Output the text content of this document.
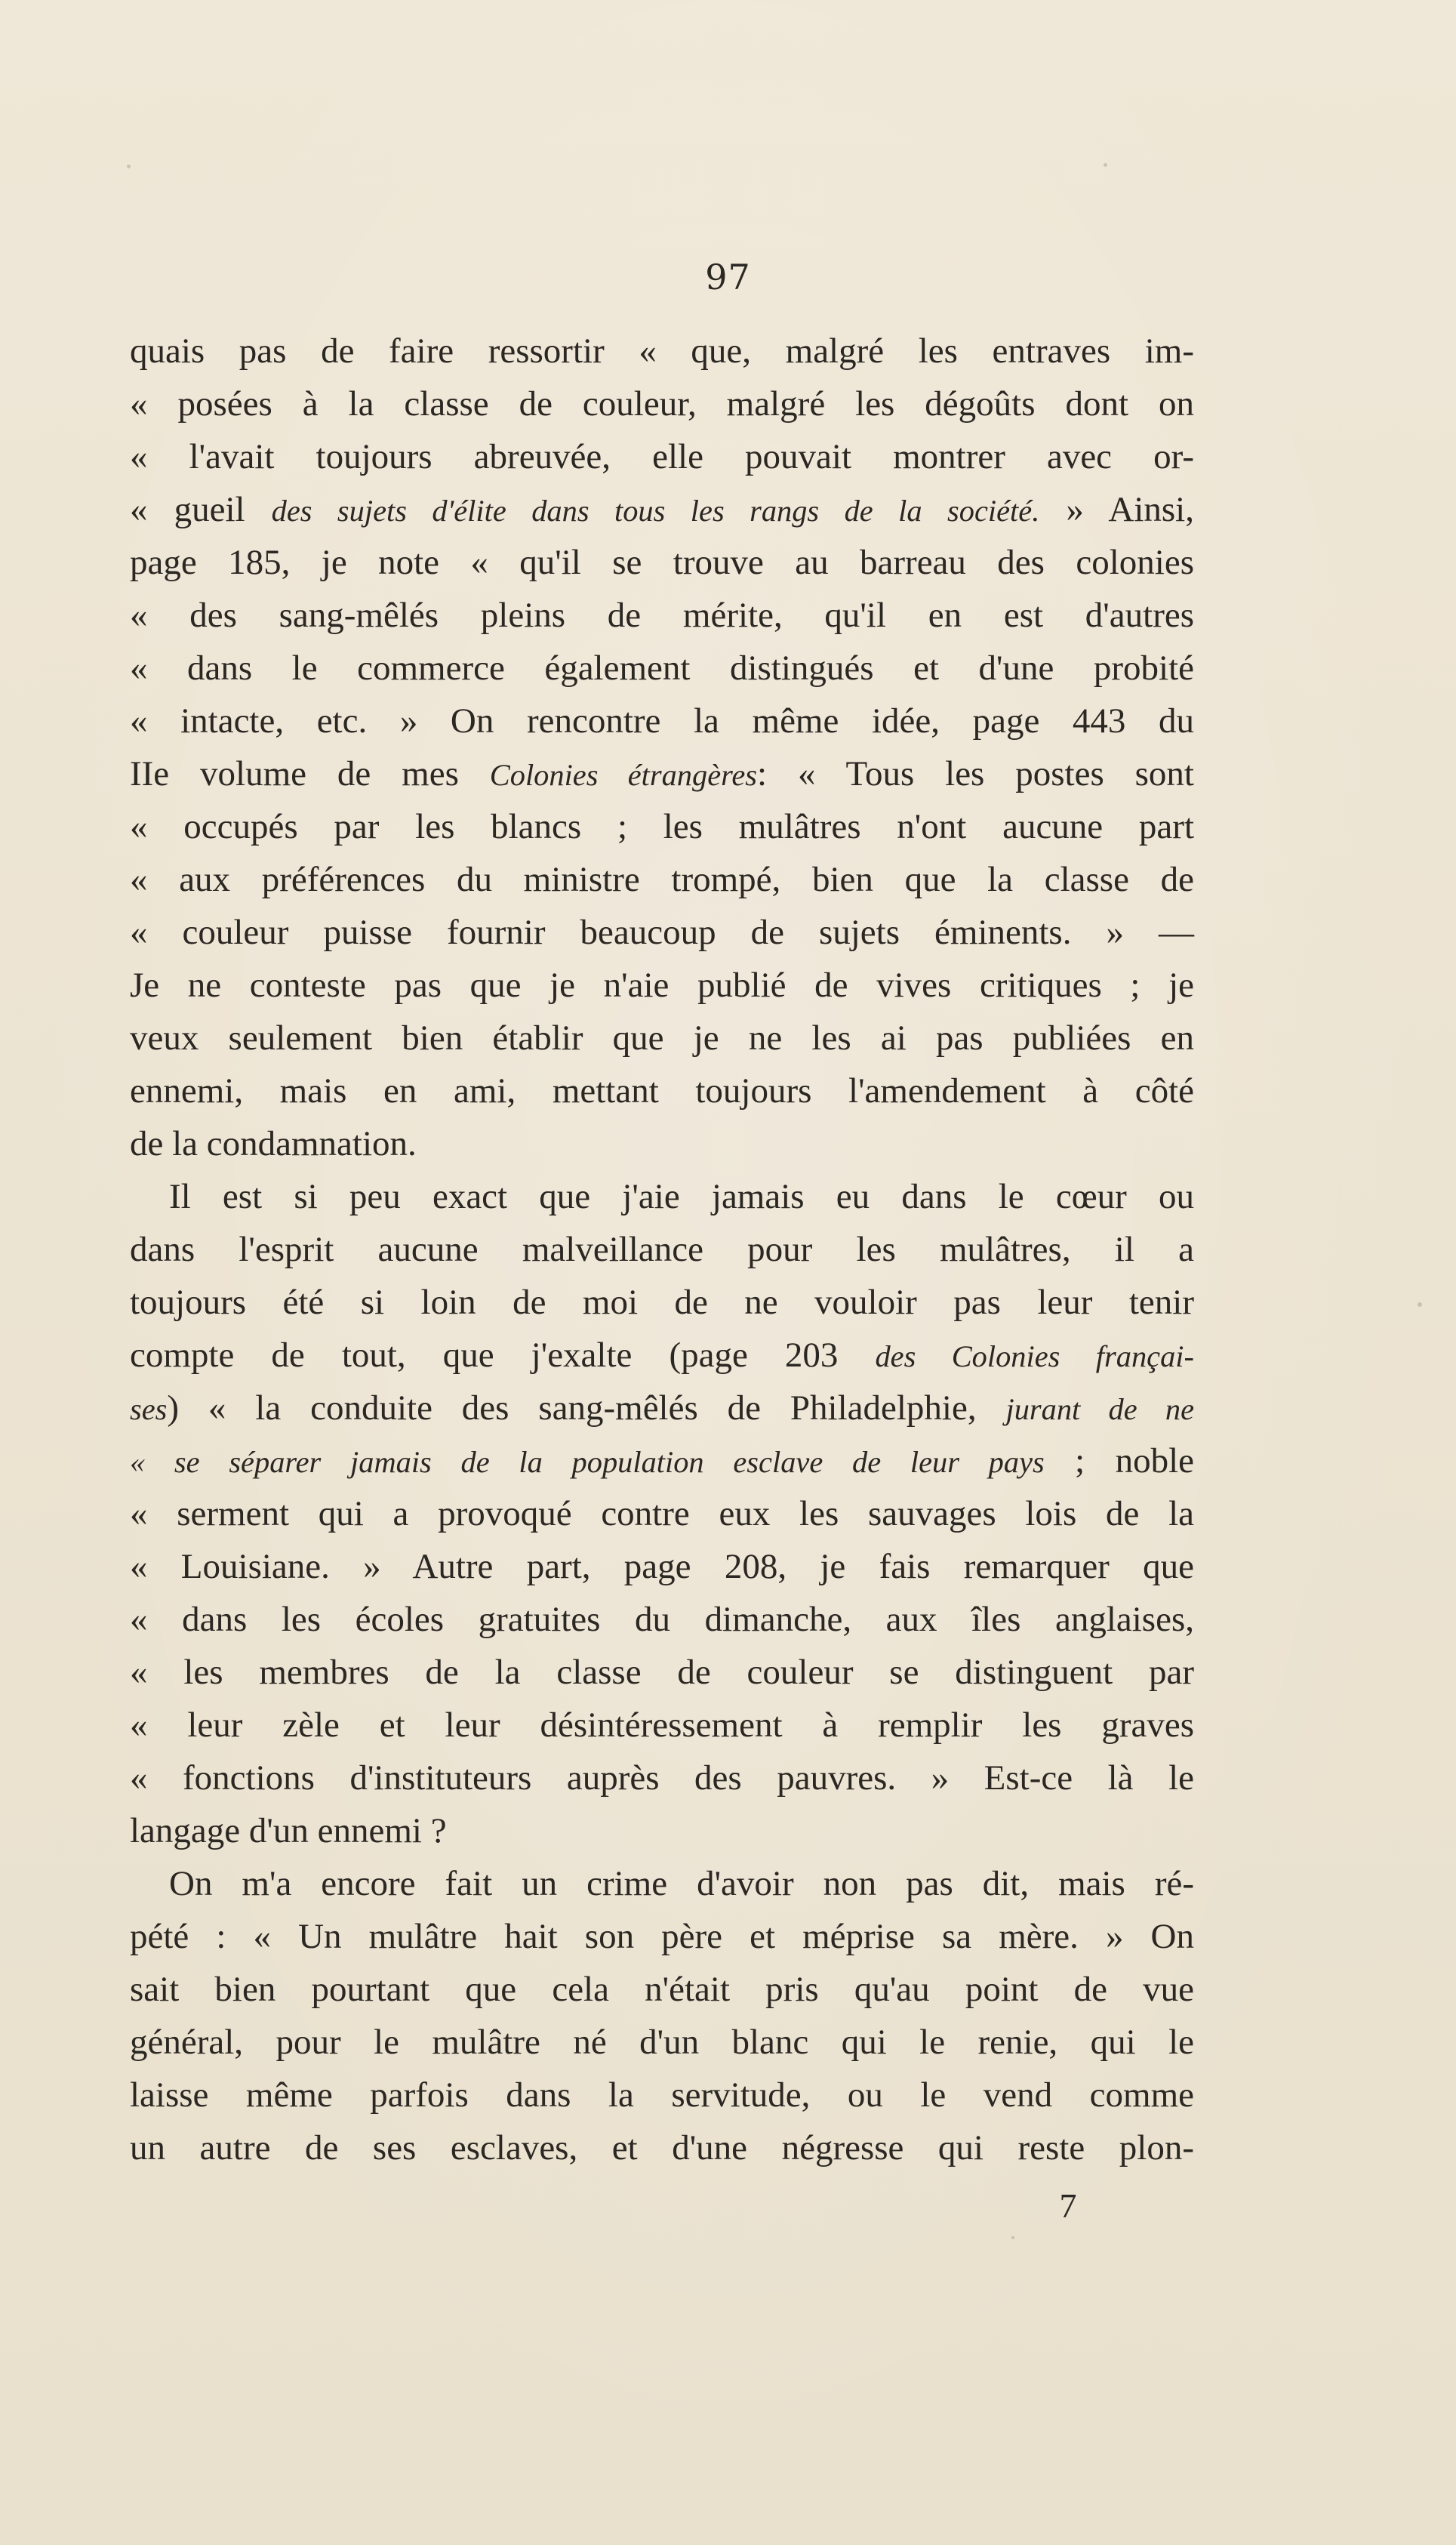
97
quais pas de faire ressortir « que, malgré les entraves im-
« posées à la classe de couleur, malgré les dégoûts dont on
« l'avait toujours abreuvée, elle pouvait montrer avec or-
« gueil des sujets d'élite dans tous les rangs de la société. » Ainsi,
page 185, je note « qu'il se trouve au barreau des colonies
« des sang-mêlés pleins de mérite, qu'il en est d'autres
« dans le commerce également distingués et d'une probité
« intacte, etc. » On rencontre la même idée, page 443 du
IIe volume de mes Colonies étrangères: « Tous les postes sont
« occupés par les blancs ; les mulâtres n'ont aucune part
« aux préférences du ministre trompé, bien que la classe de
« couleur puisse fournir beaucoup de sujets éminents. » —
Je ne conteste pas que je n'aie publié de vives critiques ; je
veux seulement bien établir que je ne les ai pas publiées en
ennemi, mais en ami, mettant toujours l'amendement à côté
de la condamnation.
Il est si peu exact que j'aie jamais eu dans le cœur ou
dans l'esprit aucune malveillance pour les mulâtres, il a
toujours été si loin de moi de ne vouloir pas leur tenir
compte de tout, que j'exalte (page 203 des Colonies françai-
ses) « la conduite des sang-mêlés de Philadelphie, jurant de ne
« se séparer jamais de la population esclave de leur pays ; noble
« serment qui a provoqué contre eux les sauvages lois de la
« Louisiane. » Autre part, page 208, je fais remarquer que
« dans les écoles gratuites du dimanche, aux îles anglaises,
« les membres de la classe de couleur se distinguent par
« leur zèle et leur désintéressement à remplir les graves
« fonctions d'instituteurs auprès des pauvres. » Est-ce là le
langage d'un ennemi ?
On m'a encore fait un crime d'avoir non pas dit, mais ré-
pété : « Un mulâtre hait son père et méprise sa mère. » On
sait bien pourtant que cela n'était pris qu'au point de vue
général, pour le mulâtre né d'un blanc qui le renie, qui le
laisse même parfois dans la servitude, ou le vend comme
un autre de ses esclaves, et d'une négresse qui reste plon-
7
